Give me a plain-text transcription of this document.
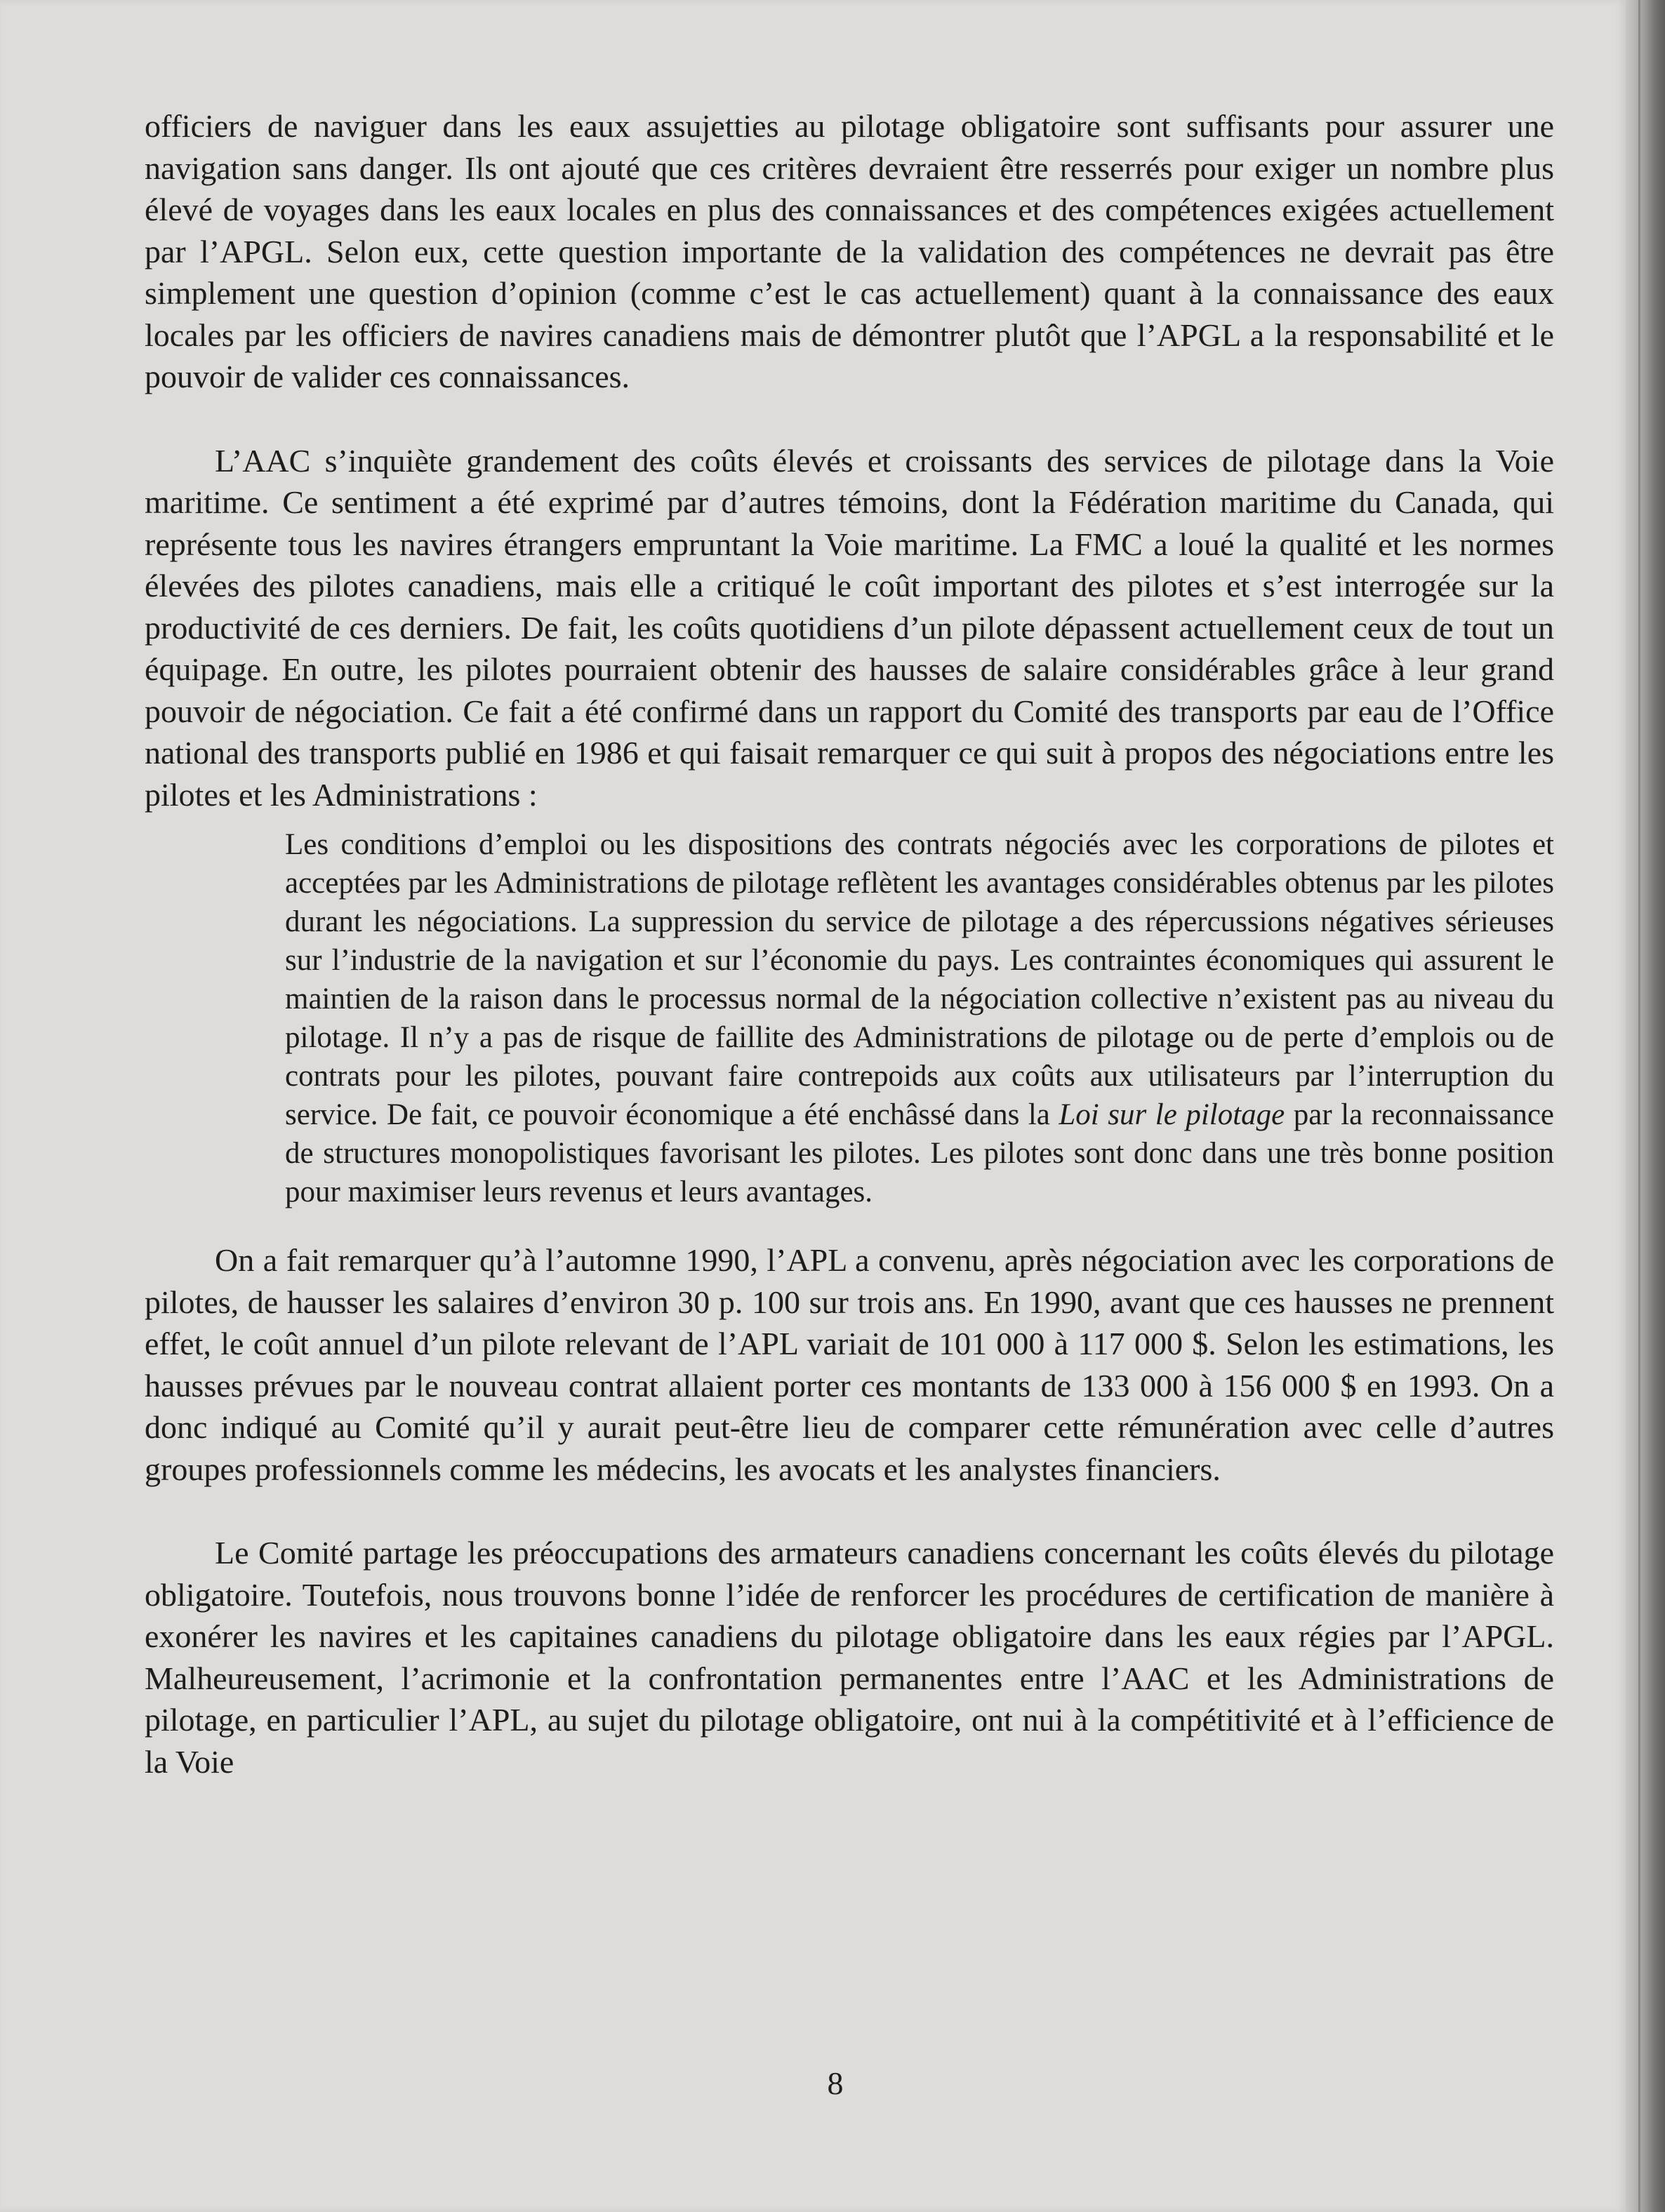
officiers de naviguer dans les eaux assujetties au pilotage obligatoire sont suffisants pour assurer une navigation sans danger. Ils ont ajouté que ces critères devraient être resserrés pour exiger un nombre plus élevé de voyages dans les eaux locales en plus des connaissances et des compétences exigées actuellement par l’APGL. Selon eux, cette question importante de la validation des compétences ne devrait pas être simplement une question d’opinion (comme c’est le cas actuellement) quant à la connaissance des eaux locales par les officiers de navires canadiens mais de démontrer plutôt que l’APGL a la responsabilité et le pouvoir de valider ces connaissances.

L’AAC s’inquiète grandement des coûts élevés et croissants des services de pilotage dans la Voie maritime. Ce sentiment a été exprimé par d’autres témoins, dont la Fédération maritime du Canada, qui représente tous les navires étrangers empruntant la Voie maritime. La FMC a loué la qualité et les normes élevées des pilotes canadiens, mais elle a critiqué le coût important des pilotes et s’est interrogée sur la productivité de ces derniers. De fait, les coûts quotidiens d’un pilote dépassent actuellement ceux de tout un équipage. En outre, les pilotes pourraient obtenir des hausses de salaire considérables grâce à leur grand pouvoir de négociation. Ce fait a été confirmé dans un rapport du Comité des transports par eau de l’Office national des transports publié en 1986 et qui faisait remarquer ce qui suit à propos des négociations entre les pilotes et les Administrations :

Les conditions d’emploi ou les dispositions des contrats négociés avec les corporations de pilotes et acceptées par les Administrations de pilotage reflètent les avantages considérables obtenus par les pilotes durant les négociations. La suppression du service de pilotage a des répercussions négatives sérieuses sur l’industrie de la navigation et sur l’économie du pays. Les contraintes économiques qui assurent le maintien de la raison dans le processus normal de la négociation collective n’existent pas au niveau du pilotage. Il n’y a pas de risque de faillite des Administrations de pilotage ou de perte d’emplois ou de contrats pour les pilotes, pouvant faire contrepoids aux coûts aux utilisateurs par l’interruption du service. De fait, ce pouvoir économique a été enchâssé dans la Loi sur le pilotage par la reconnaissance de structures monopolistiques favorisant les pilotes. Les pilotes sont donc dans une très bonne position pour maximiser leurs revenus et leurs avantages.

On a fait remarquer qu’à l’automne 1990, l’APL a convenu, après négociation avec les corporations de pilotes, de hausser les salaires d’environ 30 p. 100 sur trois ans. En 1990, avant que ces hausses ne prennent effet, le coût annuel d’un pilote relevant de l’APL variait de 101 000 à 117 000 $. Selon les estimations, les hausses prévues par le nouveau contrat allaient porter ces montants de 133 000 à 156 000 $ en 1993. On a donc indiqué au Comité qu’il y aurait peut-être lieu de comparer cette rémunération avec celle d’autres groupes professionnels comme les médecins, les avocats et les analystes financiers.

Le Comité partage les préoccupations des armateurs canadiens concernant les coûts élevés du pilotage obligatoire. Toutefois, nous trouvons bonne l’idée de renforcer les procédures de certification de manière à exonérer les navires et les capitaines canadiens du pilotage obligatoire dans les eaux régies par l’APGL. Malheureusement, l’acrimonie et la confrontation permanentes entre l’AAC et les Administrations de pilotage, en particulier l’APL, au sujet du pilotage obligatoire, ont nui à la compétitivité et à l’efficience de la Voie

8
